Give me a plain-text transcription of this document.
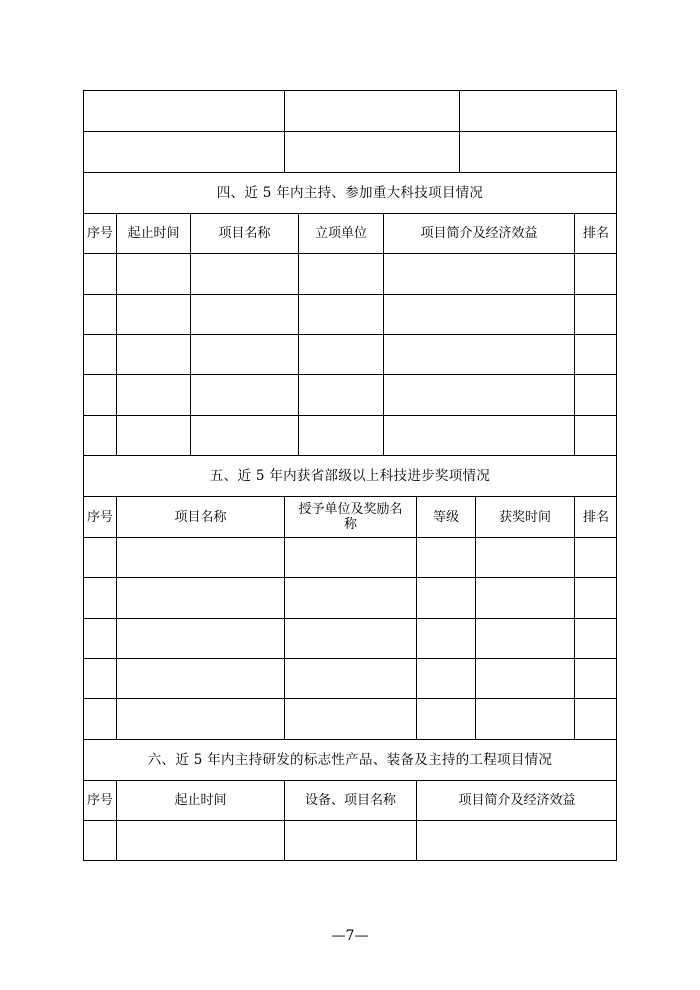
四、近 5 年内主持、参加重大科技项目情况
序号	起止时间	项目名称	立项单位	项目简介及经济效益	排名
五、近 5 年内获省部级以上科技进步奖项情况
序号	项目名称	授予单位及奖励名称	等级	获奖时间	排名
六、近 5 年内主持研发的标志性产品、装备及主持的工程项目情况
序号	起止时间	设备、项目名称	项目简介及经济效益
—7—
